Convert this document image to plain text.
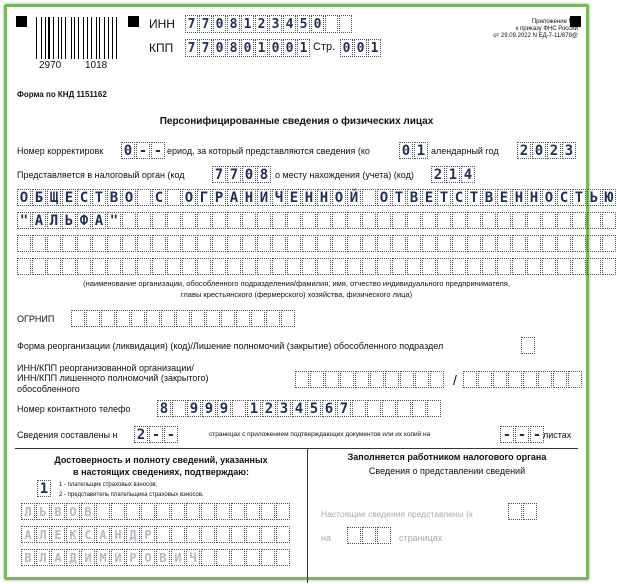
2970 1018
ИНН 7 7 0 8 1 2 3 4 5 0
КПП 7 7 0 8 0 1 0 0 1 Стр. 0 0 1
Приложение N 2
к приказу ФНС России
от 29.09.2022 N ЕД-7-11/878@
Форма по КНД 1151162
Персонифицированные сведения о физических лицах
Номер корректировк 0 - - ериод, за который представляются сведения (ко 0 1 алендарный год 2 0 2 3
Представляется в налоговый орган (код 7 7 0 8 о месту нахождения (учета) (код) 2 1 4
О Б Щ Е С Т В О С О Г Р А Н И Ч Е Н Н О Й О Т В Е Т С Т В Е Н Н О С Т Ь Ю
" А Л Ь Ф А "
(наименование организации, обособленного подразделения/фамилия, имя, отчество индивидуального предпринимателя,
главы крестьянского (фермерского) хозяйства, физического лица)
ОГРНИП
Форма реорганизации (ликвидация) (код)/Лишение полномочий (закрытие) обособленного подраздел
ИНН/КПП реорганизованной организации/
ИНН/КПП лишенного полномочий (закрытого)
обособленного
/
Номер контактного телефо 8 9 9 9 1 2 3 4 5 6 7
Сведения составлены н 2 - -	страницах с приложением подтверждающих документов или их копий на	- - - листах
Достоверность и полноту сведений, указанных
в настоящих сведениях, подтверждаю:
1	1 - плательщик страховых взносов;
2 - представитель плательщика страховых взносов.
Л Ь В О В
А Л Е К С А Н Д Р
В Л А Д И М И Р О В И Ч
Заполняется работником налогового органа
Сведения о представлении сведений
Настоящие сведения представлены (к
на	страницах
